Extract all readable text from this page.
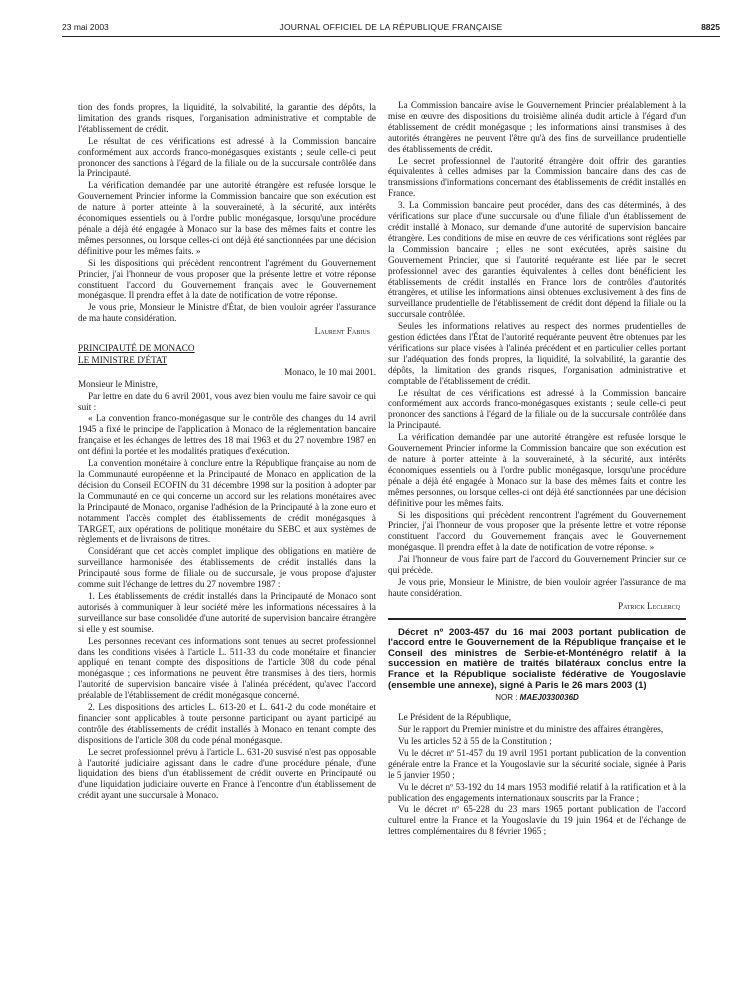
23 mai 2003	JOURNAL OFFICIEL DE LA RÉPUBLIQUE FRANÇAISE	8825

tion des fonds propres, la liquidité, la solvabilité, la garantie des dépôts, la limitation des grands risques, l'organisation administrative et comptable de l'établissement de crédit.

Le résultat de ces vérifications est adressé à la Commission bancaire conformément aux accords franco-monégasques existants ; seule celle-ci peut prononcer des sanctions à l'égard de la filiale ou de la succursale contrôlée dans la Principauté.

La vérification demandée par une autorité étrangère est refusée lorsque le Gouvernement Princier informe la Commission bancaire que son exécution est de nature à porter atteinte à la souveraineté, à la sécurité, aux intérêts économiques essentiels ou à l'ordre public monégasque, lorsqu'une procédure pénale a déjà été engagée à Monaco sur la base des mêmes faits et contre les mêmes personnes, ou lorsque celles-ci ont déjà été sanctionnées par une décision définitive pour les mêmes faits. »

Si les dispositions qui précèdent rencontrent l'agrément du Gouvernement Princier, j'ai l'honneur de vous proposer que la présente lettre et votre réponse constituent l'accord du Gouvernement français avec le Gouvernement monégasque. Il prendra effet à la date de notification de votre réponse.

Je vous prie, Monsieur le Ministre d'État, de bien vouloir agréer l'assurance de ma haute considération.

Laurent Fabius

PRINCIPAUTÉ DE MONACO

LE MINISTRE D'ÉTAT

Monaco, le 10 mai 2001.

Monsieur le Ministre,

Par lettre en date du 6 avril 2001, vous avez bien voulu me faire savoir ce qui suit :

« La convention franco-monégasque sur le contrôle des changes du 14 avril 1945 a fixé le principe de l'application à Monaco de la réglementation bancaire française et les échanges de lettres des 18 mai 1963 et du 27 novembre 1987 en ont défini la portée et les modalités pratiques d'exécution.

La convention monétaire à conclure entre la République française au nom de la Communauté européenne et la Principauté de Monaco en application de la décision du Conseil ECOFIN du 31 décembre 1998 sur la position à adopter par la Communauté en ce qui concerne un accord sur les relations monétaires avec la Principauté de Monaco, organise l'adhésion de la Principauté à la zone euro et notamment l'accès complet des établissements de crédit monégasques à TARGET, aux opérations de politique monétaire du SEBC et aux systèmes de règlements et de livraisons de titres.

Considérant que cet accès complet implique des obligations en matière de surveillance harmonisée des établissements de crédit installés dans la Principauté sous forme de filiale ou de succursale, je vous propose d'ajuster comme suit l'échange de lettres du 27 novembre 1987 :

1. Les établissements de crédit installés dans la Principauté de Monaco sont autorisés à communiquer à leur société mère les informations nécessaires à la surveillance sur base consolidée d'une autorité de supervision bancaire étrangère si elle y est soumise.

Les personnes recevant ces informations sont tenues au secret professionnel dans les conditions visées à l'article L. 511-33 du code monétaire et financier appliqué en tenant compte des dispositions de l'article 308 du code pénal monégasque ; ces informations ne peuvent être transmises à des tiers, hormis l'autorité de supervision bancaire visée à l'alinéa précédent, qu'avec l'accord préalable de l'établissement de crédit monégasque concerné.

2. Les dispositions des articles L. 613-20 et L. 641-2 du code monétaire et financier sont applicables à toute personne participant ou ayant participé au contrôle des établissements de crédit installés à Monaco en tenant compte des dispositions de l'article 308 du code pénal monégasque.

Le secret professionnel prévu à l'article L. 631-20 susvisé n'est pas opposable à l'autorité judiciaire agissant dans le cadre d'une procédure pénale, d'une liquidation des biens d'un établissement de crédit ouverte en Principauté ou d'une liquidation judiciaire ouverte en France à l'encontre d'un établissement de crédit ayant une succursale à Monaco.

La Commission bancaire avise le Gouvernement Princier préalablement à la mise en œuvre des dispositions du troisième alinéa dudit article à l'égard d'un établissement de crédit monégasque ; les informations ainsi transmises à des autorités étrangères ne peuvent l'être qu'à des fins de surveillance prudentielle des établissements de crédit.

Le secret professionnel de l'autorité étrangère doit offrir des garanties équivalentes à celles admises par la Commission bancaire dans des cas de transmissions d'informations concernant des établissements de crédit installés en France.

3. La Commission bancaire peut procéder, dans des cas déterminés, à des vérifications sur place d'une succursale ou d'une filiale d'un établissement de crédit installé à Monaco, sur demande d'une autorité de supervision bancaire étrangère. Les conditions de mise en œuvre de ces vérifications sont réglées par la Commission bancaire ; elles ne sont exécutées, après saisine du Gouvernement Princier, que si l'autorité requérante est liée par le secret professionnel avec des garanties équivalentes à celles dont bénéficient les établissements de crédit installés en France lors de contrôles d'autorités étrangères, et utilise les informations ainsi obtenues exclusivement à des fins de surveillance prudentielle de l'établissement de crédit dont dépend la filiale ou la succursale contrôlée.

Seules les informations relatives au respect des normes prudentielles de gestion édictées dans l'État de l'autorité requérante peuvent être obtenues par les vérifications sur place visées à l'alinéa précédent et en particulier celles portant sur l'adéquation des fonds propres, la liquidité, la solvabilité, la garantie des dépôts, la limitation des grands risques, l'organisation administrative et comptable de l'établissement de crédit.

Le résultat de ces vérifications est adressé à la Commission bancaire conformément aux accords franco-monégasques existants ; seule celle-ci peut prononcer des sanctions à l'égard de la filiale ou de la succursale contrôlée dans la Principauté.

La vérification demandée par une autorité étrangère est refusée lorsque le Gouvernement Princier informe la Commission bancaire que son exécution est de nature à porter atteinte à la souveraineté, à la sécurité, aux intérêts économiques essentiels ou à l'ordre public monégasque, lorsqu'une procédure pénale a déjà été engagée à Monaco sur la base des mêmes faits et contre les mêmes personnes, ou lorsque celles-ci ont déjà été sanctionnées par une décision définitive pour les mêmes faits.

Si les dispositions qui précèdent rencontrent l'agrément du Gouvernement Princier, j'ai l'honneur de vous proposer que la présente lettre et votre réponse constituent l'accord du Gouvernement français avec le Gouvernement monégasque. Il prendra effet à la date de notification de votre réponse. »

J'ai l'honneur de vous faire part de l'accord du Gouvernement Princier sur ce qui précède.

Je vous prie, Monsieur le Ministre, de bien vouloir agréer l'assurance de ma haute considération.

Patrick Leclercq

Décret nº 2003-457 du 16 mai 2003 portant publication de l'accord entre le Gouvernement de la République française et le Conseil des ministres de Serbie-et-Monténégro relatif à la succession en matière de traités bilatéraux conclus entre la France et la République socialiste fédérative de Yougoslavie (ensemble une annexe), signé à Paris le 26 mars 2003 (1)

NOR : MAEJ0330036D

Le Président de la République,

Sur le rapport du Premier ministre et du ministre des affaires étrangères,

Vu les articles 52 à 55 de la Constitution ;

Vu le décret nº 51-457 du 19 avril 1951 portant publication de la convention générale entre la France et la Yougoslavie sur la sécurité sociale, signée à Paris le 5 janvier 1950 ;

Vu le décret nº 53-192 du 14 mars 1953 modifié relatif à la ratification et à la publication des engagements internationaux souscrits par la France ;

Vu le décret nº 65-228 du 23 mars 1965 portant publication de l'accord culturel entre la France et la Yougoslavie du 19 juin 1964 et de l'échange de lettres complémentaires du 8 février 1965 ;
